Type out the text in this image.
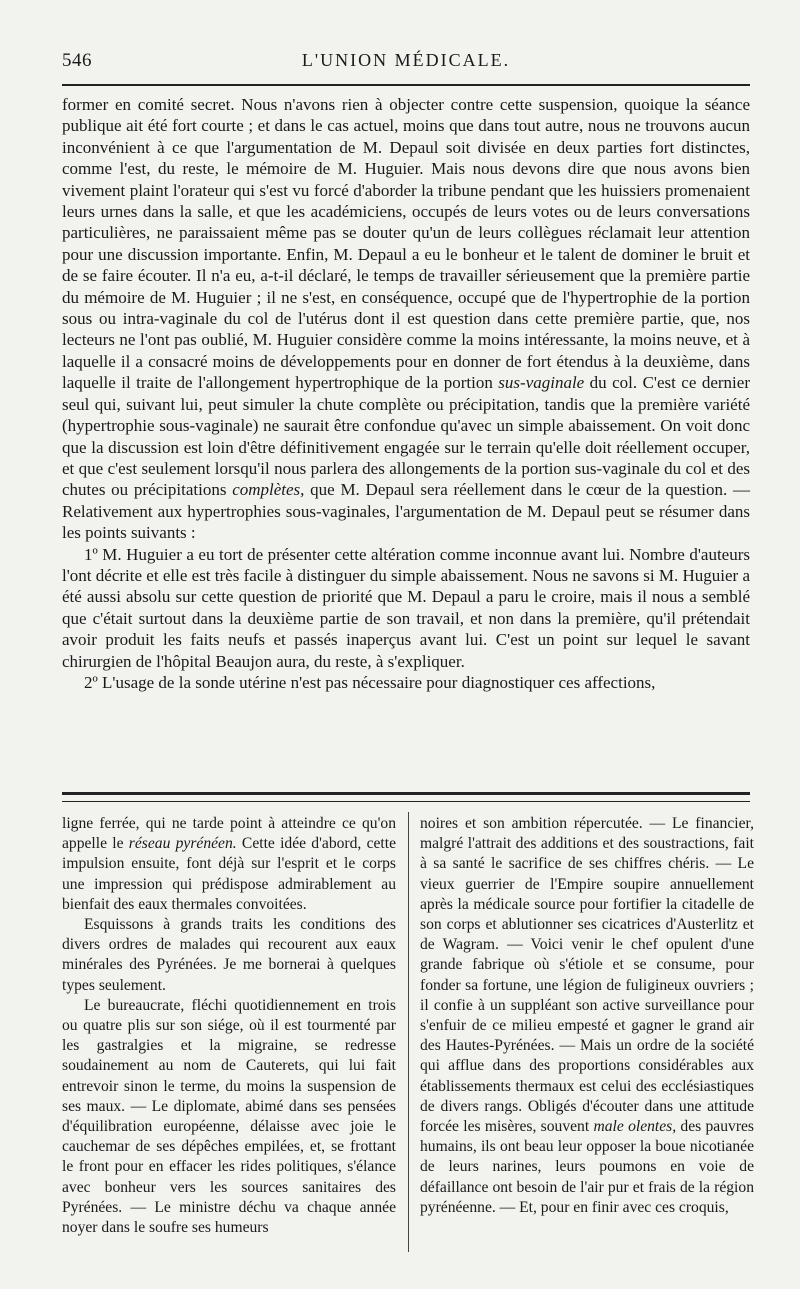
546	L'UNION MÉDICALE.

former en comité secret. Nous n'avons rien à objecter contre cette suspension, quoique la séance publique ait été fort courte ; et dans le cas actuel, moins que dans tout autre, nous ne trouvons aucun inconvénient à ce que l'argumentation de M. Depaul soit divisée en deux parties fort distinctes, comme l'est, du reste, le mémoire de M. Huguier. Mais nous devons dire que nous avons bien vivement plaint l'orateur qui s'est vu forcé d'aborder la tribune pendant que les huissiers promenaient leurs urnes dans la salle, et que les académiciens, occupés de leurs votes ou de leurs conversations particulières, ne paraissaient même pas se douter qu'un de leurs collègues réclamait leur attention pour une discussion importante. Enfin, M. Depaul a eu le bonheur et le talent de dominer le bruit et de se faire écouter. Il n'a eu, a-t-il déclaré, le temps de travailler sérieusement que la première partie du mémoire de M. Huguier ; il ne s'est, en conséquence, occupé que de l'hypertrophie de la portion sous ou intra-vaginale du col de l'utérus dont il est question dans cette première partie, que, nos lecteurs ne l'ont pas oublié, M. Huguier considère comme la moins intéressante, la moins neuve, et à laquelle il a consacré moins de développements pour en donner de fort étendus à la deuxième, dans laquelle il traite de l'allongement hypertrophique de la portion sus-vaginale du col. C'est ce dernier seul qui, suivant lui, peut simuler la chute complète ou précipitation, tandis que la première variété (hypertrophie sous-vaginale) ne saurait être confondue qu'avec un simple abaissement. On voit donc que la discussion est loin d'être définitivement engagée sur le terrain qu'elle doit réellement occuper, et que c'est seulement lorsqu'il nous parlera des allongements de la portion sus-vaginale du col et des chutes ou précipitations complètes, que M. Depaul sera réellement dans le cœur de la question. — Relativement aux hypertrophies sous-vaginales, l'argumentation de M. Depaul peut se résumer dans les points suivants :

1º M. Huguier a eu tort de présenter cette altération comme inconnue avant lui. Nombre d'auteurs l'ont décrite et elle est très facile à distinguer du simple abaissement. Nous ne savons si M. Huguier a été aussi absolu sur cette question de priorité que M. Depaul a paru le croire, mais il nous a semblé que c'était surtout dans la deuxième partie de son travail, et non dans la première, qu'il prétendait avoir produit les faits neufs et passés inaperçus avant lui. C'est un point sur lequel le savant chirurgien de l'hôpital Beaujon aura, du reste, à s'expliquer.

2º L'usage de la sonde utérine n'est pas nécessaire pour diagnostiquer ces affections,

ligne ferrée, qui ne tarde point à atteindre ce qu'on appelle le réseau pyrénéen. Cette idée d'abord, cette impulsion ensuite, font déjà sur l'esprit et le corps une impression qui prédispose admirablement au bienfait des eaux thermales convoitées.

Esquissons à grands traits les conditions des divers ordres de malades qui recourent aux eaux minérales des Pyrénées. Je me bornerai à quelques types seulement.

Le bureaucrate, fléchi quotidiennement en trois ou quatre plis sur son siége, où il est tourmenté par les gastralgies et la migraine, se redresse soudainement au nom de Cauterets, qui lui fait entrevoir sinon le terme, du moins la suspension de ses maux. — Le diplomate, abimé dans ses pensées d'équilibration européenne, délaisse avec joie le cauchemar de ses dépêches empilées, et, se frottant le front pour en effacer les rides politiques, s'élance avec bonheur vers les sources sanitaires des Pyrénées. — Le ministre déchu va chaque année noyer dans le soufre ses humeurs

noires et son ambition répercutée. — Le financier, malgré l'attrait des additions et des soustractions, fait à sa santé le sacrifice de ses chiffres chéris. — Le vieux guerrier de l'Empire soupire annuellement après la médicale source pour fortifier la citadelle de son corps et ablutionner ses cicatrices d'Austerlitz et de Wagram. — Voici venir le chef opulent d'une grande fabrique où s'étiole et se consume, pour fonder sa fortune, une légion de fuligineux ouvriers ; il confie à un suppléant son active surveillance pour s'enfuir de ce milieu empesté et gagner le grand air des Hautes-Pyrénées. — Mais un ordre de la société qui afflue dans des proportions considérables aux établissements thermaux est celui des ecclésiastiques de divers rangs. Obligés d'écouter dans une attitude forcée les misères, souvent male olentes, des pauvres humains, ils ont beau leur opposer la boue nicotianée de leurs narines, leurs poumons en voie de défaillance ont besoin de l'air pur et frais de la région pyrénéenne. — Et, pour en finir avec ces croquis,
